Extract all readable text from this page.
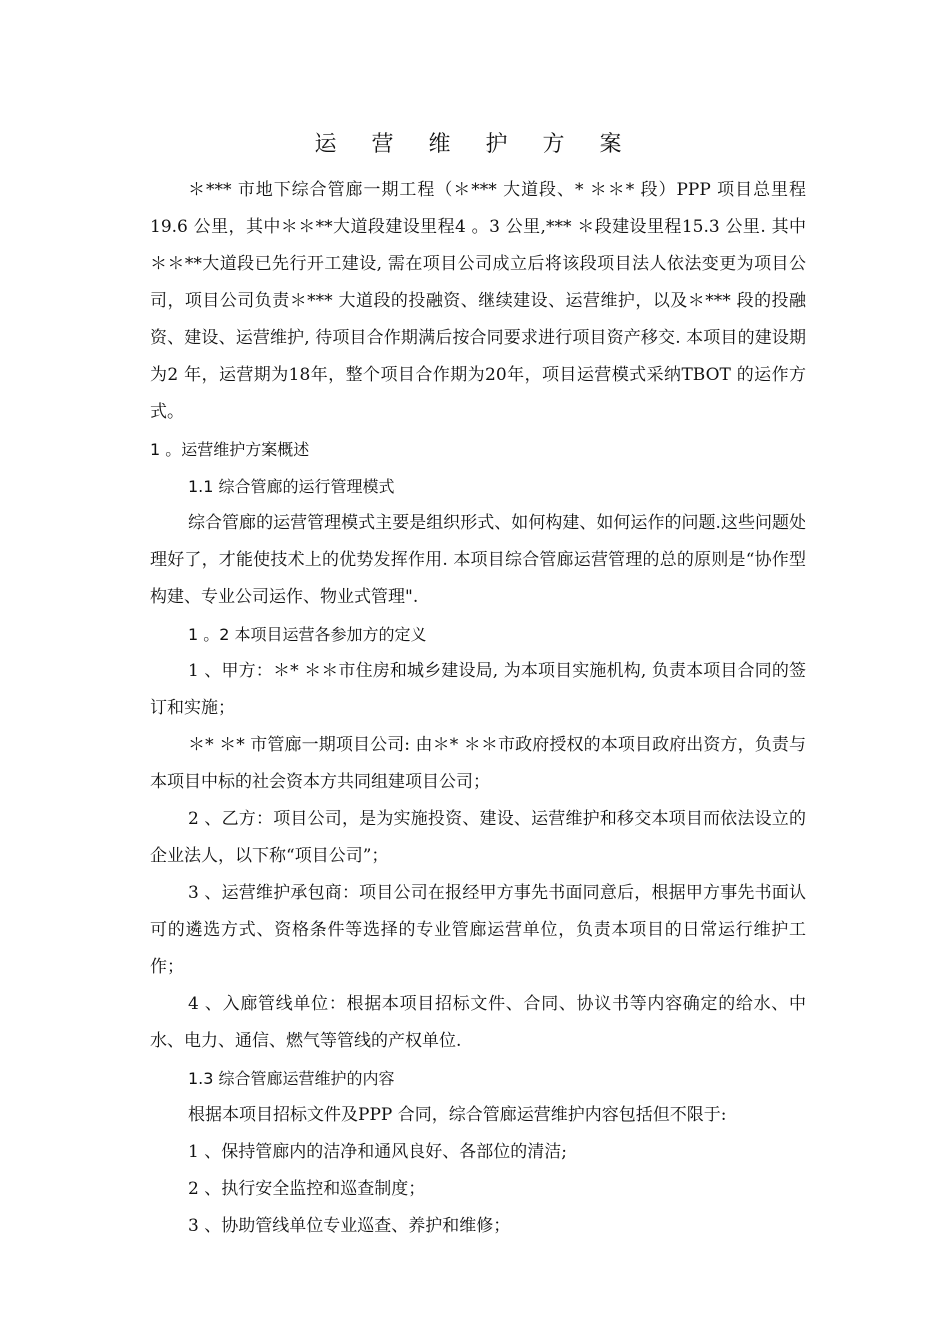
运 营 维 护 方 案
＊*** 市地下综合管廊一期工程（＊*** 大道段、* ＊＊* 段）PPP 项目总里程19.6 公里，其中＊＊**大道段建设里程4 。3 公里,*** ＊段建设里程15.3 公里. 其中＊＊**大道段已先行开工建设, 需在项目公司成立后将该段项目法人依法变更为项目公司，项目公司负责＊*** 大道段的投融资、继续建设、运营维护，以及＊*** 段的投融资、建设、运营维护, 待项目合作期满后按合同要求进行项目资产移交. 本项目的建设期为2 年，运营期为18年，整个项目合作期为20年，项目运营模式采纳TBOT 的运作方式。
1 。运营维护方案概述
1.1 综合管廊的运行管理模式
综合管廊的运营管理模式主要是组织形式、如何构建、如何运作的问题.这些问题处理好了，才能使技术上的优势发挥作用. 本项目综合管廊运营管理的总的原则是“协作型构建、专业公司运作、物业式管理".
1 。2 本项目运营各参加方的定义
1 、甲方：＊* ＊＊市住房和城乡建设局, 为本项目实施机构, 负责本项目合同的签订和实施；
＊* ＊* 市管廊一期项目公司: 由＊* ＊＊市政府授权的本项目政府出资方，负责与本项目中标的社会资本方共同组建项目公司；
2 、乙方：项目公司，是为实施投资、建设、运营维护和移交本项目而依法设立的企业法人，以下称“项目公司”；
3 、运营维护承包商：项目公司在报经甲方事先书面同意后，根据甲方事先书面认可的遴选方式、资格条件等选择的专业管廊运营单位，负责本项目的日常运行维护工作；
4 、入廊管线单位：根据本项目招标文件、合同、协议书等内容确定的给水、中水、电力、通信、燃气等管线的产权单位.
1.3 综合管廊运营维护的内容
根据本项目招标文件及PPP 合同，综合管廊运营维护内容包括但不限于:
1 、保持管廊内的洁净和通风良好、各部位的清洁;
2 、执行安全监控和巡查制度；
3 、协助管线单位专业巡查、养护和维修；
